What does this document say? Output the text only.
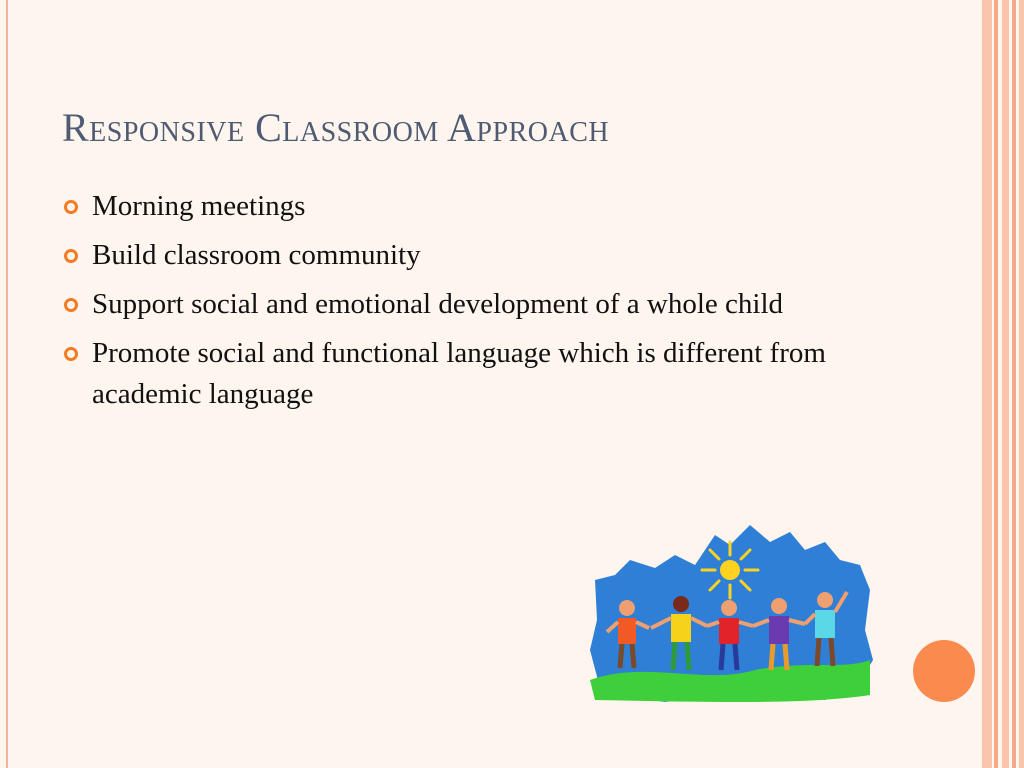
Responsive Classroom Approach
Morning meetings
Build classroom community
Support social and emotional development of a whole child
Promote social and functional language which is different from academic language
